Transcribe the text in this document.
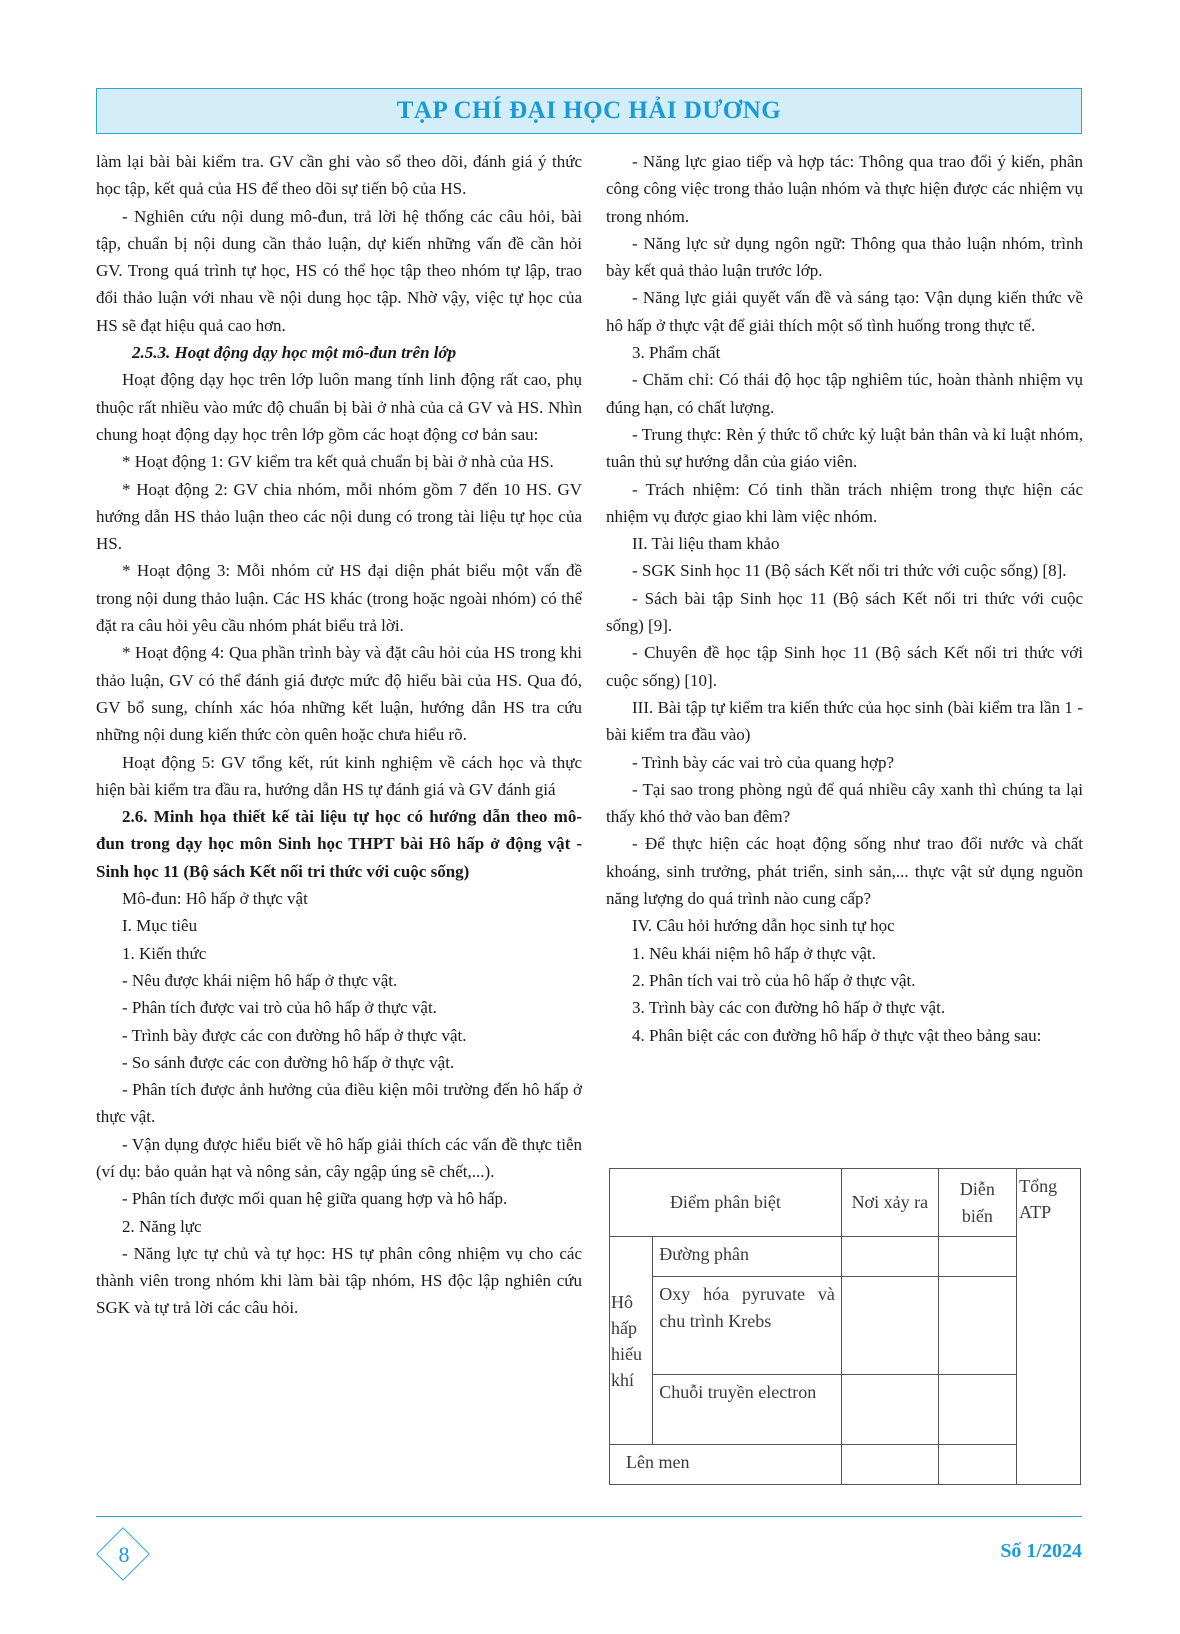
TẠP CHÍ ĐẠI HỌC HẢI DƯƠNG

làm lại bài bài kiểm tra. GV cần ghi vào sổ theo dõi, đánh giá ý thức học tập, kết quả của HS để theo dõi sự tiến bộ của HS.

- Nghiên cứu nội dung mô-đun, trả lời hệ thống các câu hỏi, bài tập, chuẩn bị nội dung cần thảo luận, dự kiến những vấn đề cần hỏi GV. Trong quá trình tự học, HS có thể học tập theo nhóm tự lập, trao đổi thảo luận với nhau về nội dung học tập. Nhờ vậy, việc tự học của HS sẽ đạt hiệu quả cao hơn.

2.5.3. Hoạt động dạy học một mô-đun trên lớp

Hoạt động dạy học trên lớp luôn mang tính linh động rất cao, phụ thuộc rất nhiều vào mức độ chuẩn bị bài ở nhà của cả GV và HS. Nhìn chung hoạt động dạy học trên lớp gồm các hoạt động cơ bản sau:

* Hoạt động 1: GV kiểm tra kết quả chuẩn bị bài ở nhà của HS.

* Hoạt động 2: GV chia nhóm, mỗi nhóm gồm 7 đến 10 HS. GV hướng dẫn HS thảo luận theo các nội dung có trong tài liệu tự học của HS.

* Hoạt động 3: Mỗi nhóm cử HS đại diện phát biểu một vấn đề trong nội dung thảo luận. Các HS khác (trong hoặc ngoài nhóm) có thể đặt ra câu hỏi yêu cầu nhóm phát biểu trả lời.

* Hoạt động 4: Qua phần trình bày và đặt câu hỏi của HS trong khi thảo luận, GV có thể đánh giá được mức độ hiểu bài của HS. Qua đó, GV bổ sung, chính xác hóa những kết luận, hướng dẫn HS tra cứu những nội dung kiến thức còn quên hoặc chưa hiểu rõ.

Hoạt động 5: GV tổng kết, rút kinh nghiệm về cách học và thực hiện bài kiểm tra đầu ra, hướng dẫn HS tự đánh giá và GV đánh giá

2.6. Minh họa thiết kế tài liệu tự học có hướng dẫn theo mô-đun trong dạy học môn Sinh học THPT bài Hô hấp ở động vật - Sinh học 11 (Bộ sách Kết nối tri thức với cuộc sống)

Mô-đun: Hô hấp ở thực vật

I. Mục tiêu

1. Kiến thức

- Nêu được khái niệm hô hấp ở thực vật.

- Phân tích được vai trò của hô hấp ở thực vật.

- Trình bày được các con đường hô hấp ở thực vật.

- So sánh được các con đường hô hấp ở thực vật.

- Phân tích được ảnh hưởng của điều kiện môi trường đến hô hấp ở thực vật.

- Vận dụng được hiểu biết về hô hấp giải thích các vấn đề thực tiễn (ví dụ: bảo quản hạt và nông sản, cây ngập úng sẽ chết,...).

- Phân tích được mối quan hệ giữa quang hợp và hô hấp.

2. Năng lực

- Năng lực tự chủ và tự học: HS tự phân công nhiệm vụ cho các thành viên trong nhóm khi làm bài tập nhóm, HS độc lập nghiên cứu SGK và tự trả lời các câu hỏi.

- Năng lực giao tiếp và hợp tác: Thông qua trao đổi ý kiến, phân công công việc trong thảo luận nhóm và thực hiện được các nhiệm vụ trong nhóm.

- Năng lực sử dụng ngôn ngữ: Thông qua thảo luận nhóm, trình bày kết quả thảo luận trước lớp.

- Năng lực giải quyết vấn đề và sáng tạo: Vận dụng kiến thức về hô hấp ở thực vật để giải thích một số tình huống trong thực tế.

3. Phẩm chất

- Chăm chỉ: Có thái độ học tập nghiêm túc, hoàn thành nhiệm vụ đúng hạn, có chất lượng.

- Trung thực: Rèn ý thức tổ chức kỷ luật bản thân và kỉ luật nhóm, tuân thủ sự hướng dẫn của giáo viên.

- Trách nhiệm: Có tinh thần trách nhiệm trong thực hiện các nhiệm vụ được giao khi làm việc nhóm.

II. Tài liệu tham khảo

- SGK Sinh học 11 (Bộ sách Kết nối tri thức với cuộc sống) [8].

- Sách bài tập Sinh học 11 (Bộ sách Kết nối tri thức với cuộc sống) [9].

- Chuyên đề học tập Sinh học 11 (Bộ sách Kết nối tri thức với cuộc sống) [10].

III. Bài tập tự kiểm tra kiến thức của học sinh (bài kiểm tra lần 1 - bài kiểm tra đầu vào)

- Trình bày các vai trò của quang hợp?

- Tại sao trong phòng ngủ để quá nhiều cây xanh thì chúng ta lại thấy khó thở vào ban đêm?

- Để thực hiện các hoạt động sống như trao đổi nước và chất khoáng, sinh trưởng, phát triển, sinh sản,... thực vật sử dụng nguồn năng lượng do quá trình nào cung cấp?

IV. Câu hỏi hướng dẫn học sinh tự học

1. Nêu khái niệm hô hấp ở thực vật.

2. Phân tích vai trò của hô hấp ở thực vật.

3. Trình bày các con đường hô hấp ở thực vật.

4. Phân biệt các con đường hô hấp ở thực vật theo bảng sau:

Điểm phân biệt		Nơi xảy ra	Diễn biến	Tổng ATP
Hô hấp hiếu khí	Đường phân			
	Oxy hóa pyruvate và chu trình Krebs			
	Chuỗi truyền electron			
Lên men				
8	Số 1/2024
